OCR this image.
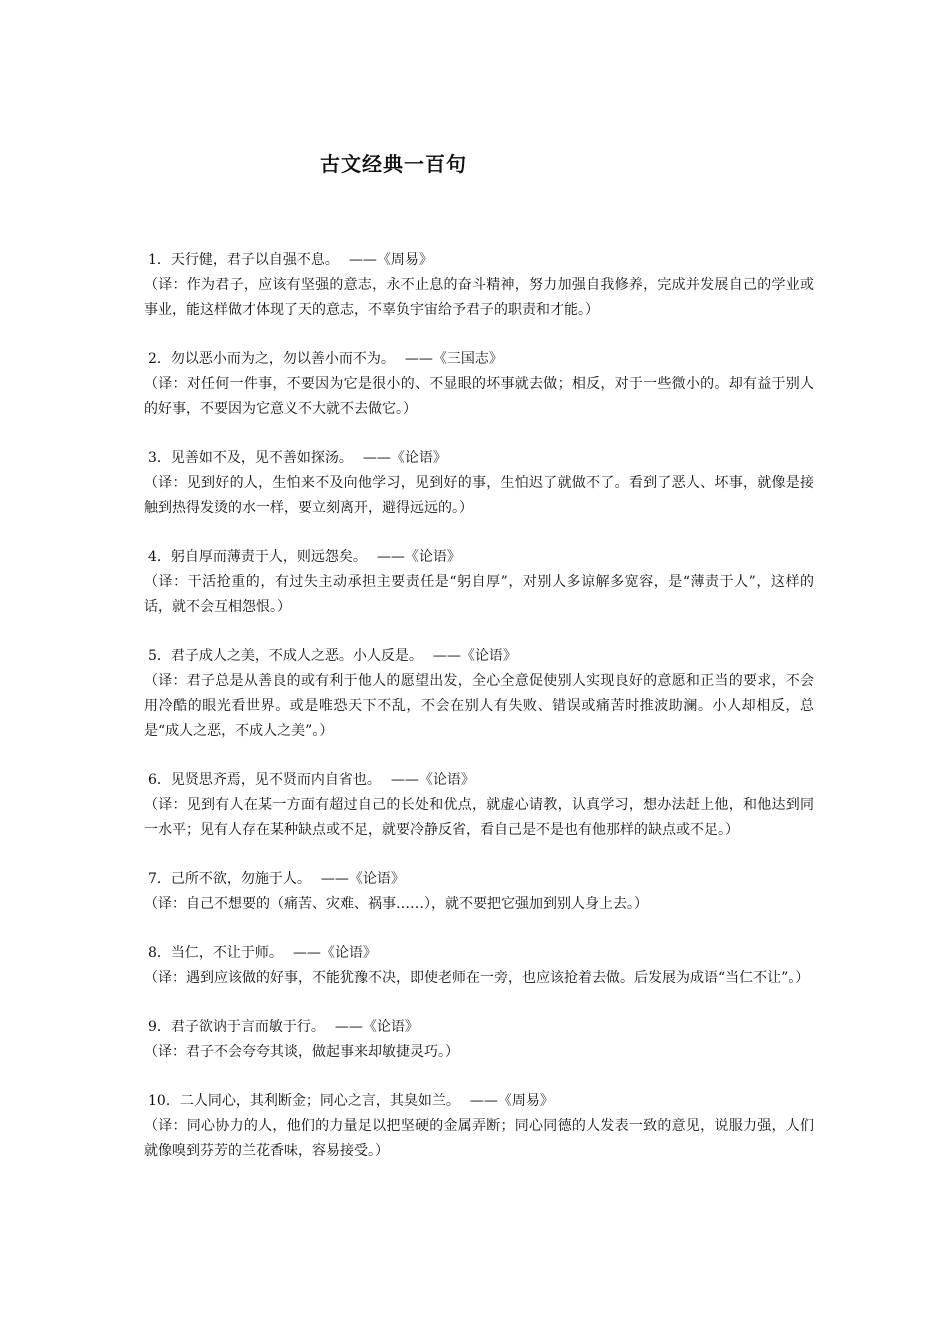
古文经典一百句
1．天行健，君子以自强不息。 ——《周易》
（译：作为君子，应该有坚强的意志，永不止息的奋斗精神，努力加强自我修养，完成并发展自己的学业或事业，能这样做才体现了天的意志，不辜负宇宙给予君子的职责和才能。）
2．勿以恶小而为之，勿以善小而不为。 ——《三国志》
（译：对任何一件事，不要因为它是很小的、不显眼的坏事就去做；相反，对于一些微小的。却有益于别人的好事，不要因为它意义不大就不去做它。）
3．见善如不及，见不善如探汤。 ——《论语》
（译：见到好的人，生怕来不及向他学习，见到好的事，生怕迟了就做不了。看到了恶人、坏事，就像是接触到热得发烫的水一样，要立刻离开，避得远远的。）
4．躬自厚而薄责于人，则远怨矣。 ——《论语》
（译：干活抢重的，有过失主动承担主要责任是“躬自厚”，对别人多谅解多宽容，是“薄责于人”，这样的话，就不会互相怨恨。）
5．君子成人之美，不成人之恶。小人反是。 ——《论语》
（译：君子总是从善良的或有利于他人的愿望出发，全心全意促使别人实现良好的意愿和正当的要求，不会用冷酷的眼光看世界。或是唯恐天下不乱，不会在别人有失败、错误或痛苦时推波助澜。小人却相反，总是“成人之恶，不成人之美”。）
6．见贤思齐焉，见不贤而内自省也。 ——《论语》
（译：见到有人在某一方面有超过自己的长处和优点，就虚心请教，认真学习，想办法赶上他，和他达到同一水平；见有人存在某种缺点或不足，就要冷静反省，看自己是不是也有他那样的缺点或不足。）
7．己所不欲，勿施于人。 ——《论语》
（译：自己不想要的（痛苦、灾难、祸事……），就不要把它强加到别人身上去。）
8．当仁，不让于师。 ——《论语》
（译：遇到应该做的好事，不能犹豫不决，即使老师在一旁，也应该抢着去做。后发展为成语“当仁不让”。）
9．君子欲讷于言而敏于行。 ——《论语》
（译：君子不会夸夸其谈，做起事来却敏捷灵巧。）
10．二人同心，其利断金；同心之言，其臭如兰。 ——《周易》
（译：同心协力的人，他们的力量足以把坚硬的金属弄断；同心同德的人发表一致的意见，说服力强，人们就像嗅到芬芳的兰花香味，容易接受。）
